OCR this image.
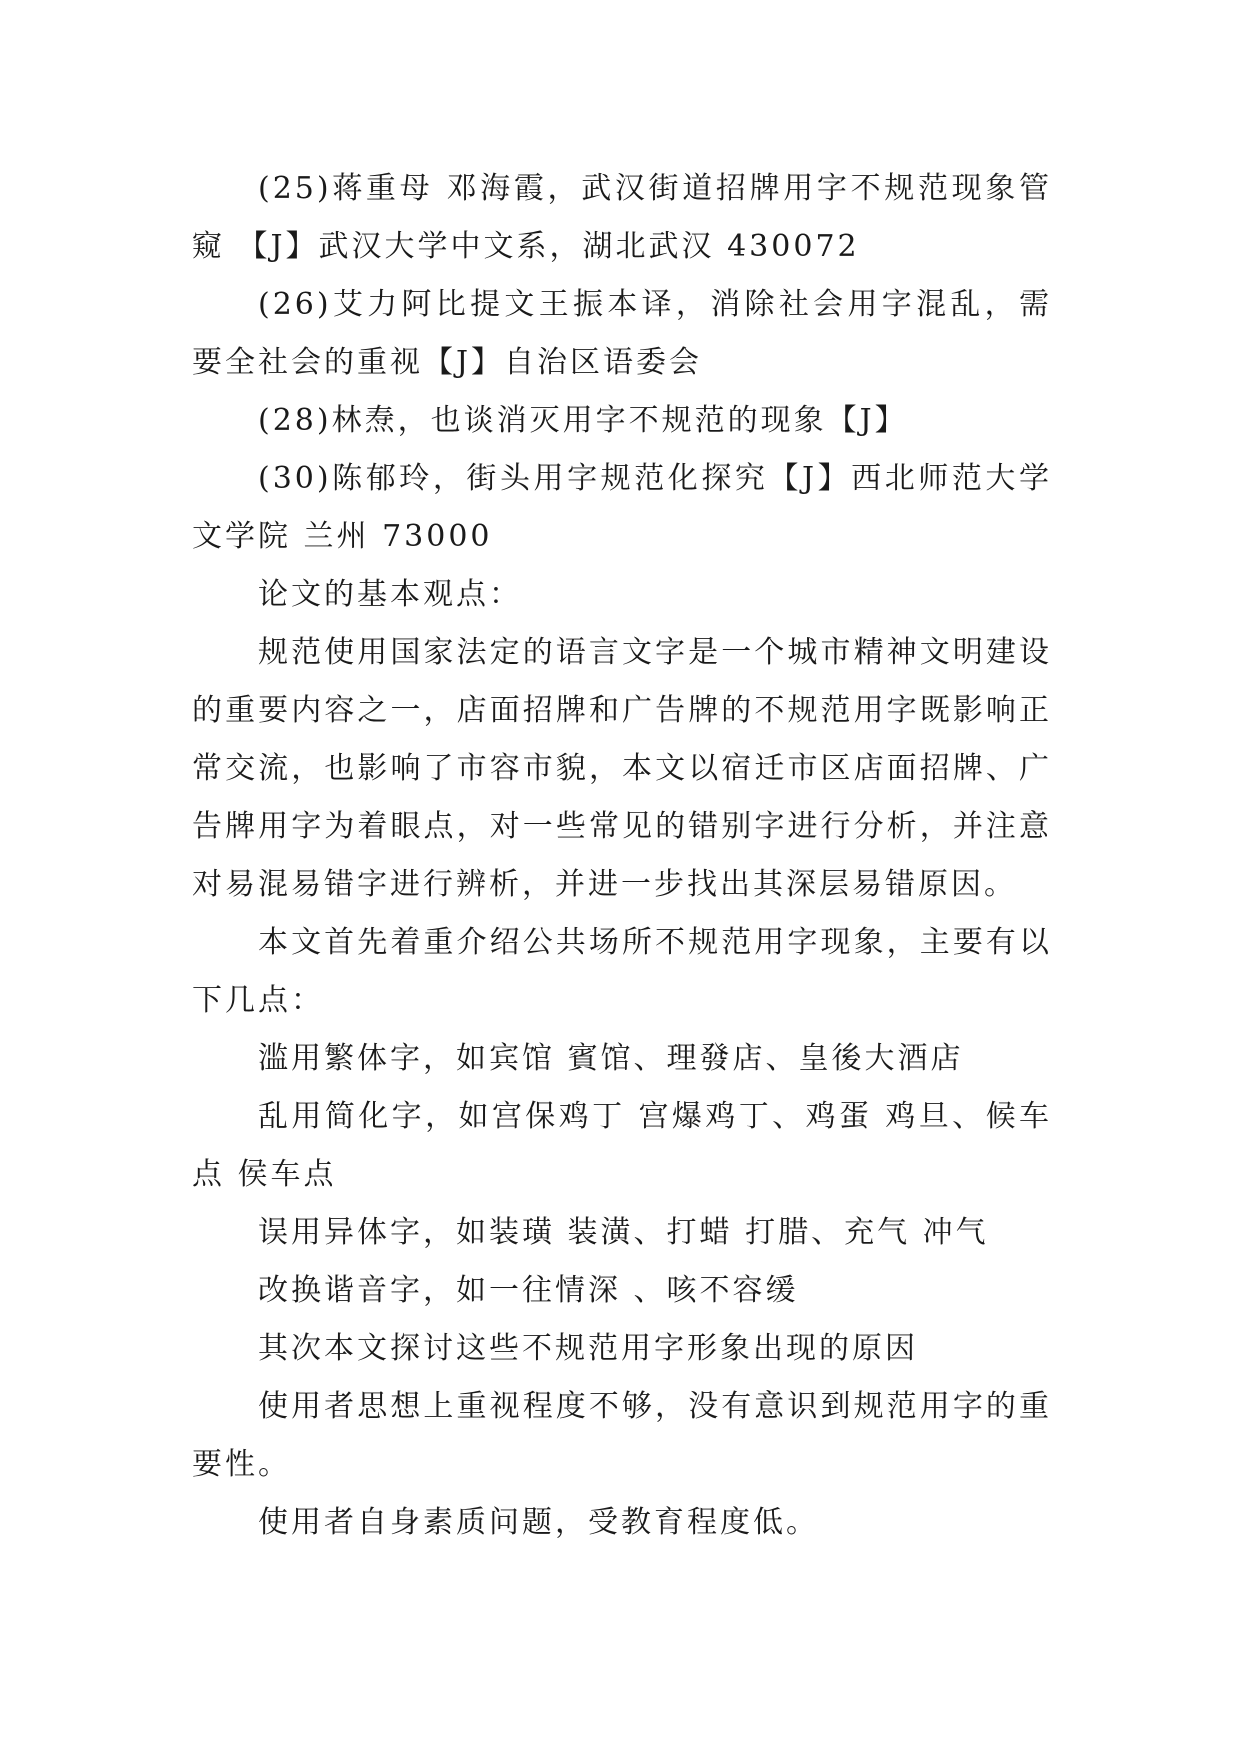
(25)蒋重母 邓海霞，武汉街道招牌用字不规范现象管窥 【J】武汉大学中文系，湖北武汉 430072

(26)艾力阿比提文王振本译，消除社会用字混乱，需要全社会的重视【J】自治区语委会

(28)林焘，也谈消灭用字不规范的现象【J】

(30)陈郁玲，街头用字规范化探究【J】西北师范大学文学院 兰州 73000

论文的基本观点：

规范使用国家法定的语言文字是一个城市精神文明建设的重要内容之一，店面招牌和广告牌的不规范用字既影响正常交流，也影响了市容市貌，本文以宿迁市区店面招牌、广告牌用字为着眼点，对一些常见的错别字进行分析，并注意对易混易错字进行辨析，并进一步找出其深层易错原因。

本文首先着重介绍公共场所不规范用字现象，主要有以下几点：

滥用繁体字，如宾馆 賓馆、理發店、皇後大酒店

乱用简化字，如宫保鸡丁 宫爆鸡丁、鸡蛋 鸡旦、候车点 侯车点

误用异体字，如装璜 装潢、打蜡 打腊、充气 冲气

改换谐音字，如一往情深 、咳不容缓

其次本文探讨这些不规范用字形象出现的原因

使用者思想上重视程度不够，没有意识到规范用字的重要性。

使用者自身素质问题，受教育程度低。
